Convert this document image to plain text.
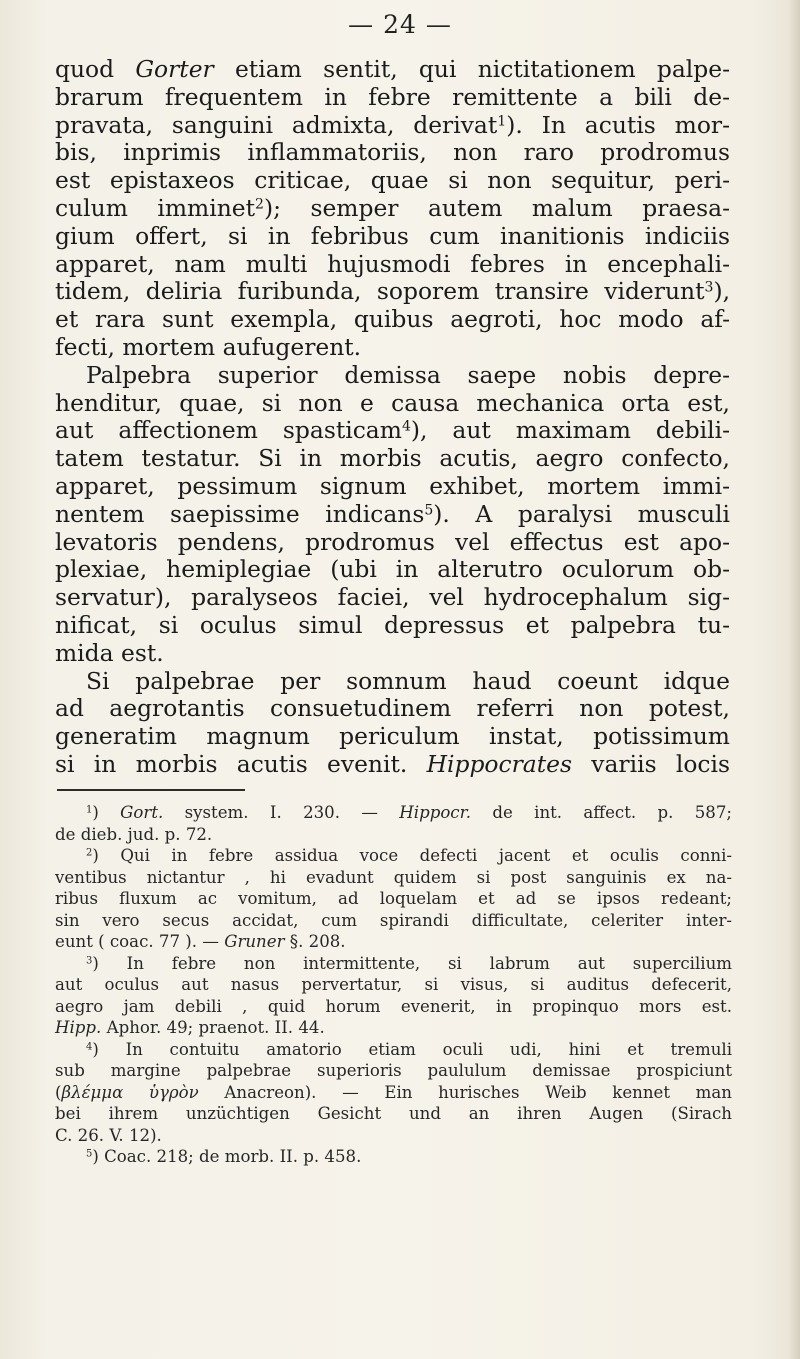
— 24 —
quod Gorter etiam sentit, qui nictitationem palpe-
brarum frequentem in febre remittente a bili de-
pravata, sanguini admixta, derivat$^1$). In acutis mor-
bis, inprimis inflammatoriis, non raro prodromus
est epistaxeos criticae, quae si non sequitur, peri-
culum imminet$^2$); semper autem malum praesa-
gium offert, si in febribus cum inanitionis indiciis
apparet, nam multi hujusmodi febres in encephali-
tidem, deliria furibunda, soporem transire viderunt$^3$),
et rara sunt exempla, quibus aegroti, hoc modo af-
fecti, mortem aufugerent.
Palpebra superior demissa saepe nobis depre-
henditur, quae, si non e causa mechanica orta est,
aut affectionem spasticam$^4$), aut maximam debili-
tatem testatur. Si in morbis acutis, aegro confecto,
apparet, pessimum signum exhibet, mortem immi-
nentem saepissime indicans$^5$). A paralysi musculi
levatoris pendens, prodromus vel effectus est apo-
plexiae, hemiplegiae (ubi in alterutro oculorum ob-
servatur), paralyseos faciei, vel hydrocephalum sig-
nificat, si oculus simul depressus et palpebra tu-
mida est.
Si palpebrae per somnum haud coeunt idque
ad aegrotantis consuetudinem referri non potest,
generatim magnum periculum instat, potissimum
si in morbis acutis evenit. Hippocrates variis locis
$^1$) Gort. system. I. 230. — Hippocr. de int. affect. p. 587;
de dieb. jud. p. 72.
$^2$) Qui in febre assidua voce defecti jacent et oculis conni-
ventibus nictantur , hi evadunt quidem si post sanguinis ex na-
ribus fluxum ac vomitum, ad loquelam et ad se ipsos redeant;
sin vero secus accidat, cum spirandi difficultate, celeriter inter-
eunt ( coac. 77 ). — Gruner §. 208.
$^3$) In febre non intermittente, si labrum aut supercilium
aut oculus aut nasus pervertatur, si visus, si auditus defecerit,
aegro jam debili , quid horum evenerit, in propinquo mors est.
Hipp. Aphor. 49; praenot. II. 44.
$^4$) In contuitu amatorio etiam oculi udi, hini et tremuli
sub margine palpebrae superioris paululum demissae prospiciunt
(βλέμμα ὑγρὸν Anacreon). — Ein hurisches Weib kennet man
bei ihrem unzüchtigen Gesicht und an ihren Augen (Sirach
C. 26. V. 12).
$^5$) Coac. 218; de morb. II. p. 458.
